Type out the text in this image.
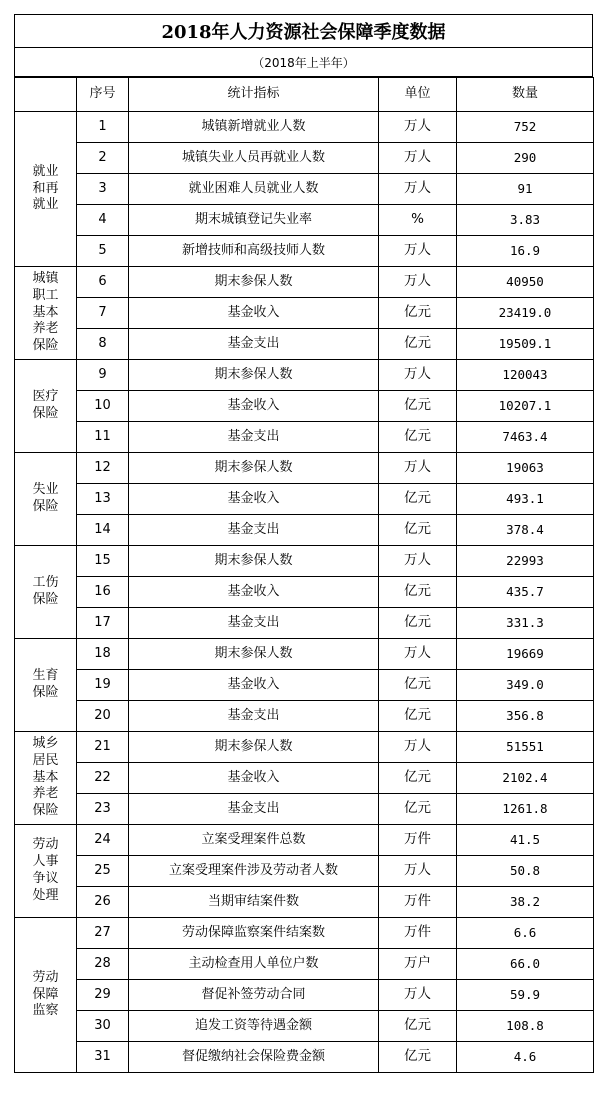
2018年人力资源社会保障季度数据
（2018年上半年）
	序号	统计指标	单位	数量

就业
和再
就业	1	城镇新增就业人数	万人	752
	2	城镇失业人员再就业人数	万人	290
	3	就业困难人员就业人数	万人	91
	4	期末城镇登记失业率	%	3.83
	5	新增技师和高级技师人数	万人	16.9

城镇
职工
基本
养老
保险	6	期末参保人数	万人	40950
	7	基金收入	亿元	23419.0
	8	基金支出	亿元	19509.1

医疗
保险	9	期末参保人数	万人	120043
	10	基金收入	亿元	10207.1
	11	基金支出	亿元	7463.4

失业
保险	12	期末参保人数	万人	19063
	13	基金收入	亿元	493.1
	14	基金支出	亿元	378.4

工伤
保险	15	期末参保人数	万人	22993
	16	基金收入	亿元	435.7
	17	基金支出	亿元	331.3

生育
保险	18	期末参保人数	万人	19669
	19	基金收入	亿元	349.0
	20	基金支出	亿元	356.8

城乡
居民
基本
养老
保险	21	期末参保人数	万人	51551
	22	基金收入	亿元	2102.4
	23	基金支出	亿元	1261.8

劳动
人事
争议
处理	24	立案受理案件总数	万件	41.5
	25	立案受理案件涉及劳动者人数	万人	50.8
	26	当期审结案件数	万件	38.2

劳动
保障
监察	27	劳动保障监察案件结案数	万件	6.6
	28	主动检查用人单位户数	万户	66.0
	29	督促补签劳动合同	万人	59.9
	30	追发工资等待遇金额	亿元	108.8
	31	督促缴纳社会保险费金额	亿元	4.6
